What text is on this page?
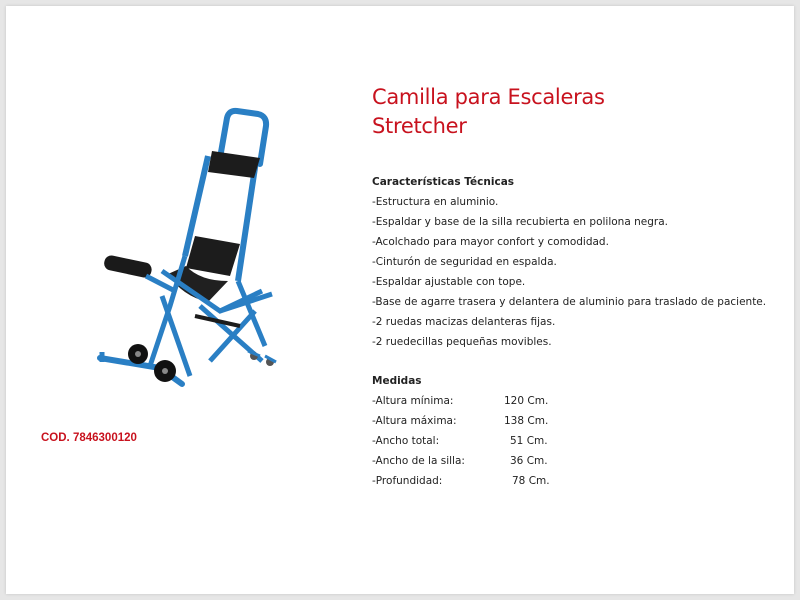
COD. 7846300120
Camilla para Escaleras
Stretcher
Características Técnicas
-Estructura en aluminio.
-Espaldar y base de la silla recubierta en polilona negra.
-Acolchado para mayor confort y comodidad.
-Cinturón de seguridad en espalda.
-Espaldar ajustable con tope.
-Base de agarre trasera y delantera de aluminio para traslado de paciente.
-2 ruedas macizas delanteras fijas.
-2 ruedecillas pequeñas movibles.
Medidas
-Altura mínima:	120 Cm.
-Altura máxima:	138 Cm.
-Ancho total:	51 Cm.
-Ancho de la silla:	36 Cm.
-Profundidad:	78 Cm.
